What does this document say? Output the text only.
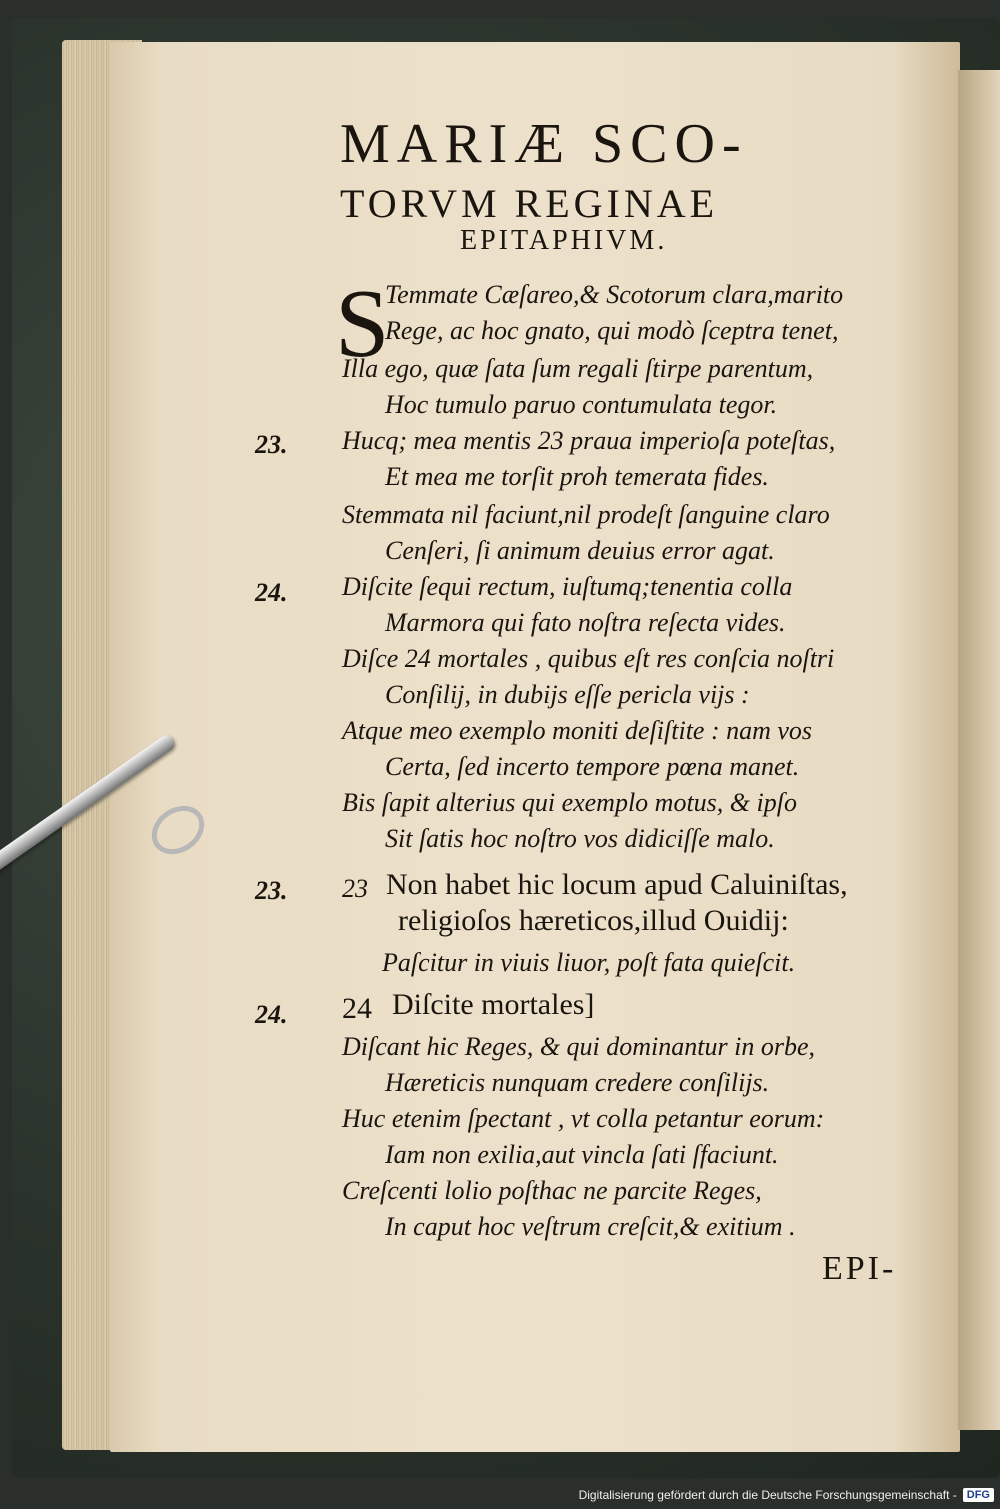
MARIÆ SCO-
TORVM REGINAE
EPITAPHIVM.
S
Temmate Cæſareo,& Scotorum clara,marito
Rege, ac hoc gnato, qui modò ſceptra tenet,
Illa ego, quæ ſata ſum regali ſtirpe parentum,
Hoc tumulo paruo contumulata tegor.
23. Hucq; mea mentis 23 praua imperioſa poteſtas,
Et mea me torſit proh temerata fides.
Stemmata nil faciunt,nil prodeſt ſanguine claro
Cenſeri, ſi animum deuius error agat.
24. Diſcite ſequi rectum, iuſtumq;tenentia colla
Marmora qui fato noſtra reſecta vides.
Diſce 24 mortales , quibus eſt res conſcia noſtri
Conſilij, in dubijs eſſe pericla vijs :
Atque meo exemplo moniti deſiſtite : nam vos
Certa, ſed incerto tempore pœna manet.
Bis ſapit alterius qui exemplo motus, & ipſo
Sit ſatis hoc noſtro vos didiciſſe malo.
23. 23 Non habet hic locum apud Caluiniſtas,
religioſos hæreticos,illud Ouidij:
Paſcitur in viuis liuor, poſt fata quieſcit.
24. 24 Diſcite mortales]
Diſcant hic Reges, & qui dominantur in orbe,
Hæreticis nunquam credere conſilijs.
Huc etenim ſpectant , vt colla petantur eorum:
Iam non exilia,aut vincla ſati ſfaciunt.
Creſcenti lolio poſthac ne parcite Reges,
In caput hoc veſtrum creſcit,& exitium .
EPI-
Digitalisierung gefördert durch die Deutsche Forschungsgemeinschaft - DFG
